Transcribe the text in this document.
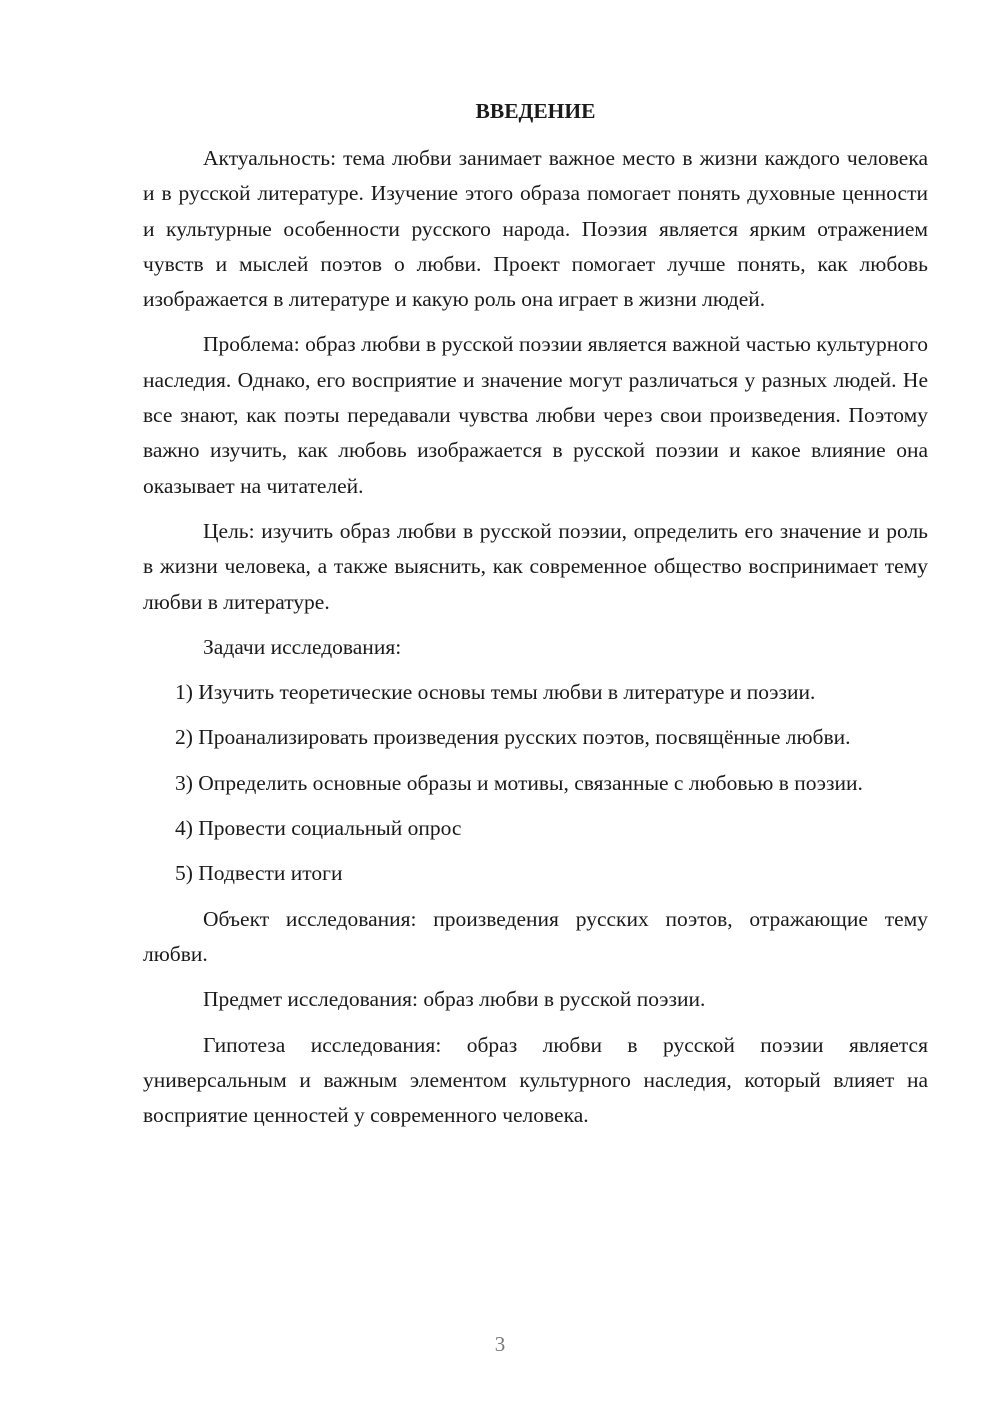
ВВЕДЕНИЕ

Актуальность: тема любви занимает важное место в жизни каждого человека и в русской литературе. Изучение этого образа помогает понять духовные ценности и культурные особенности русского народа. Поэзия является ярким отражением чувств и мыслей поэтов о любви. Проект помогает лучше понять, как любовь изображается в литературе и какую роль она играет в жизни людей.

Проблема: образ любви в русской поэзии является важной частью культурного наследия. Однако, его восприятие и значение могут различаться у разных людей. Не все знают, как поэты передавали чувства любви через свои произведения. Поэтому важно изучить, как любовь изображается в русской поэзии и какое влияние она оказывает на читателей.

Цель: изучить образ любви в русской поэзии, определить его значение и роль в жизни человека, а также выяснить, как современное общество воспринимает тему любви в литературе.

Задачи исследования:

1) Изучить теоретические основы темы любви в литературе и поэзии.

2) Проанализировать произведения русских поэтов, посвящённые любви.

3) Определить основные образы и мотивы, связанные с любовью в поэзии.

4) Провести социальный опрос

5) Подвести итоги

Объект исследования: произведения русских поэтов, отражающие тему любви.

Предмет исследования: образ любви в русской поэзии.

Гипотеза исследования: образ любви в русской поэзии является универсальным и важным элементом культурного наследия, который влияет на восприятие ценностей у современного человека.

3
